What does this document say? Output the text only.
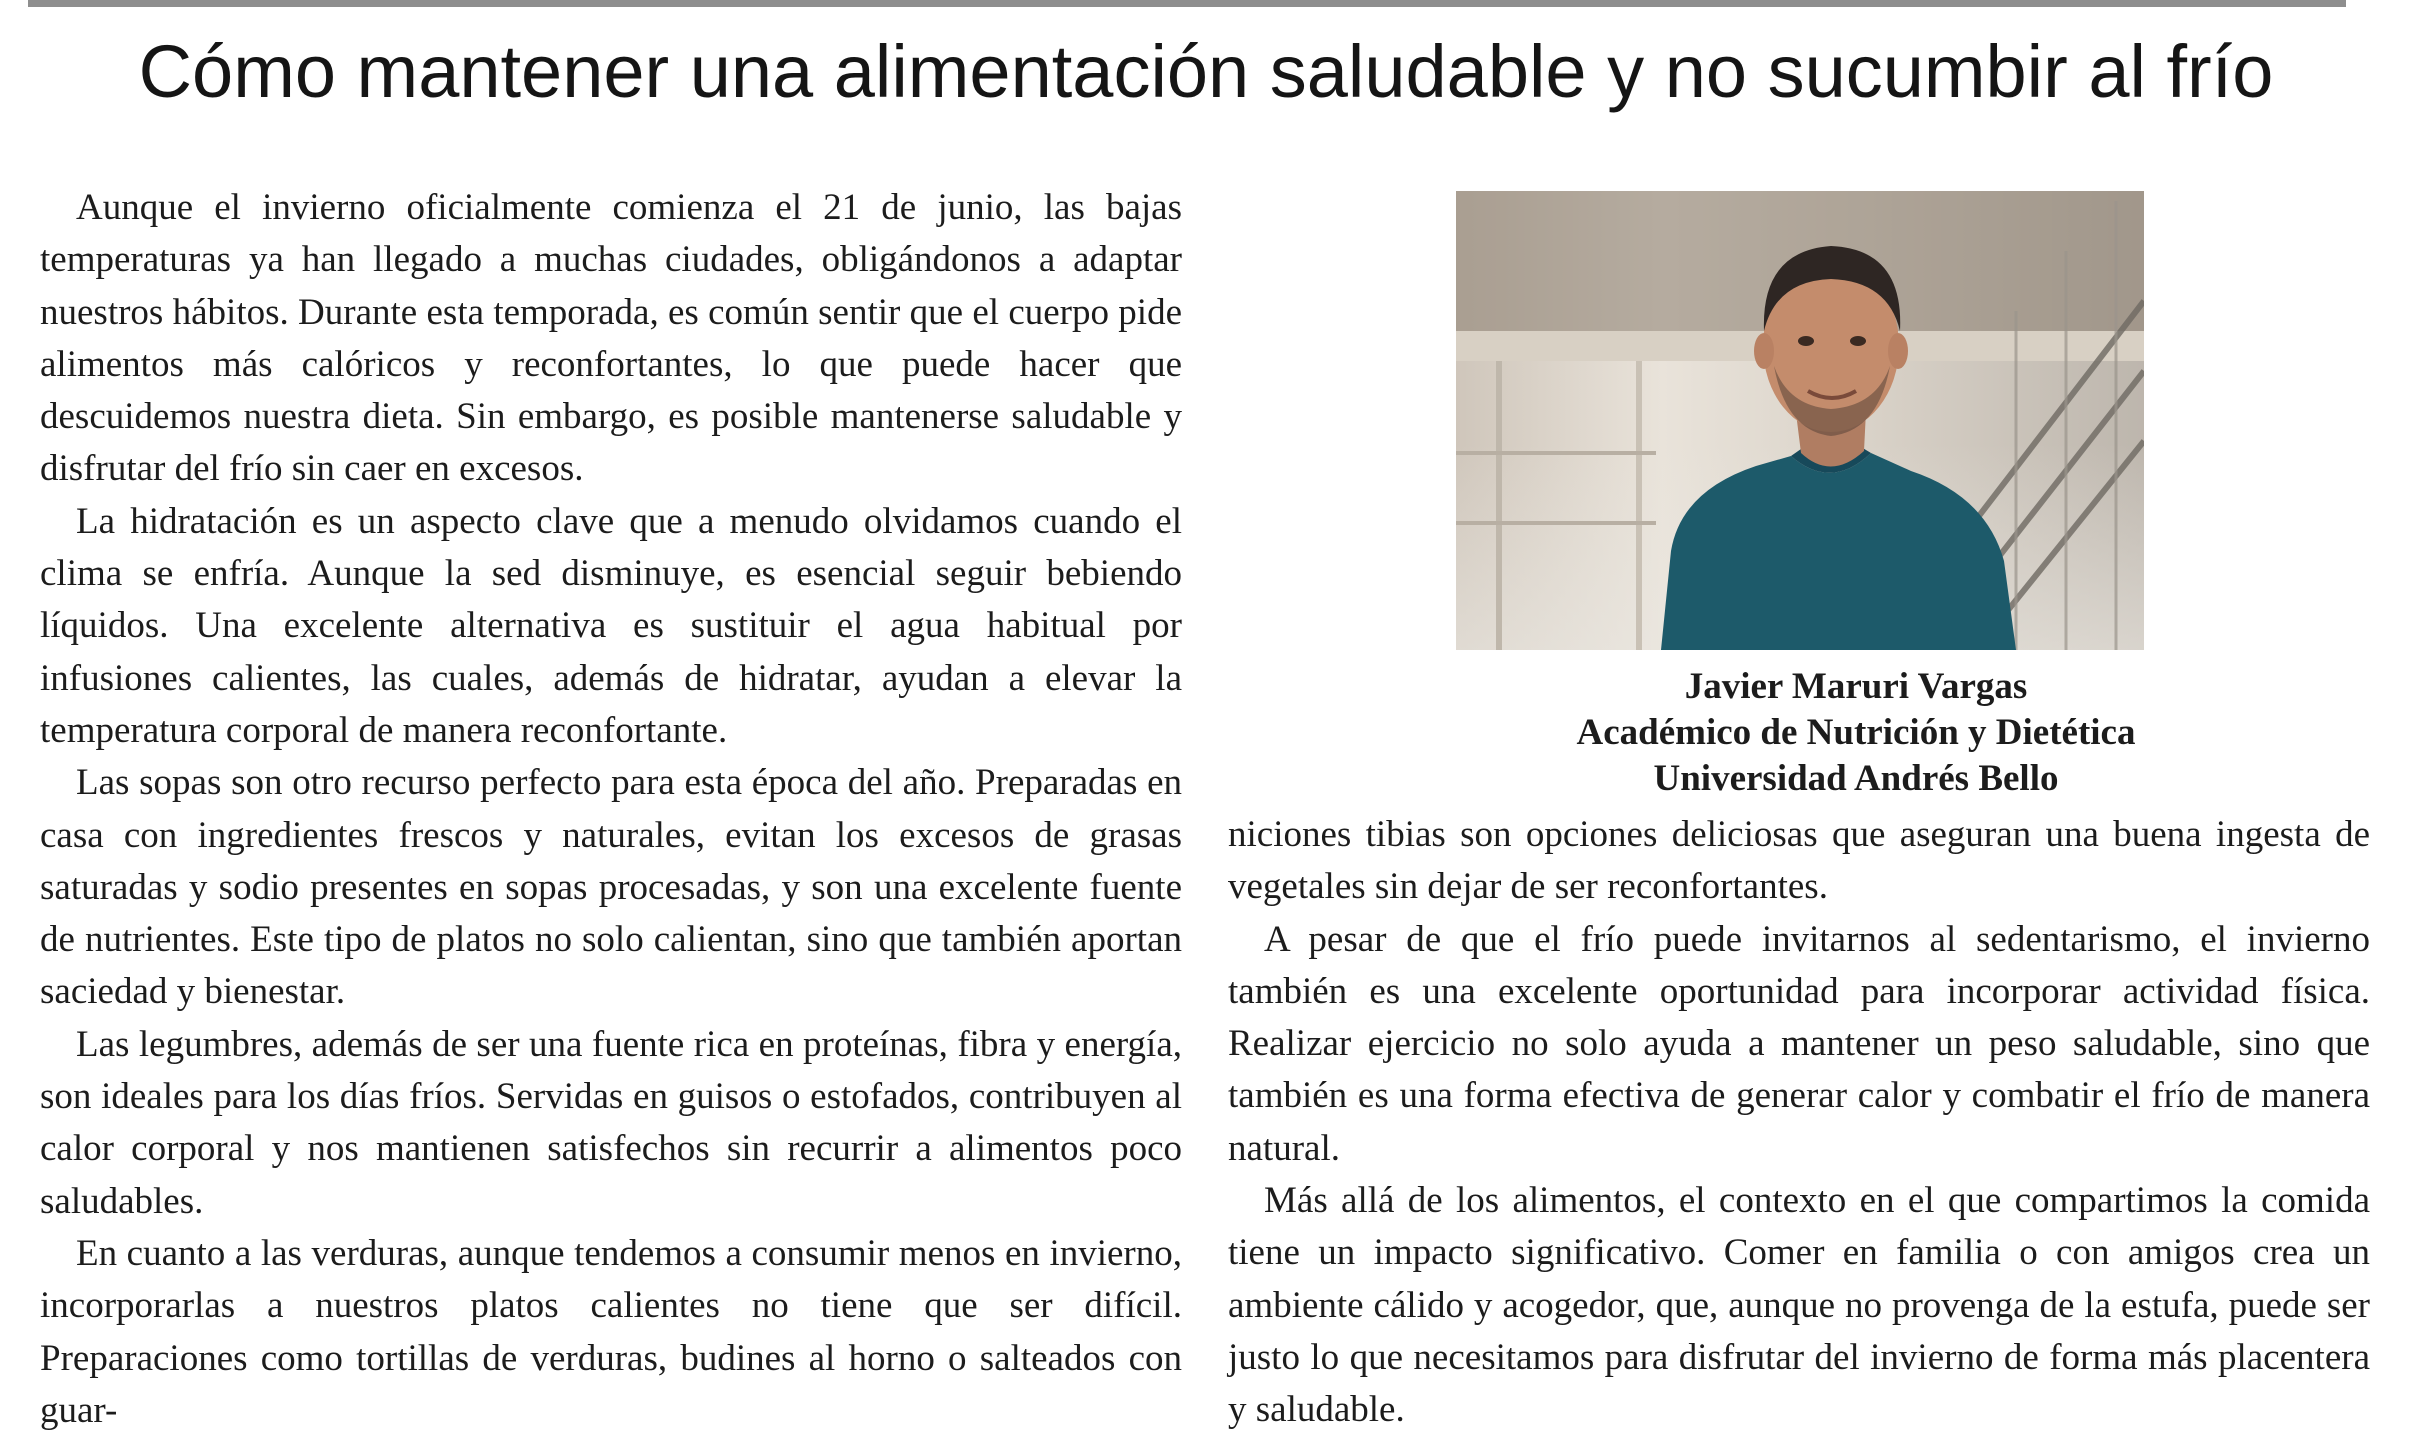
Cómo mantener una alimentación saludable y no sucumbir al frío

Aunque el invierno oficialmente comienza el 21 de junio, las bajas temperaturas ya han llegado a muchas ciudades, obligándonos a adaptar nuestros hábitos. Durante esta temporada, es común sentir que el cuerpo pide alimentos más calóricos y reconfortantes, lo que puede hacer que descuidemos nuestra dieta. Sin embargo, es posible mantenerse saludable y disfrutar del frío sin caer en excesos.

La hidratación es un aspecto clave que a menudo olvidamos cuando el clima se enfría. Aunque la sed disminuye, es esencial seguir bebiendo líquidos. Una excelente alternativa es sustituir el agua habitual por infusiones calientes, las cuales, además de hidratar, ayudan a elevar la temperatura corporal de manera reconfortante.

Las sopas son otro recurso perfecto para esta época del año. Preparadas en casa con ingredientes frescos y naturales, evitan los excesos de grasas saturadas y sodio presentes en sopas procesadas, y son una excelente fuente de nutrientes. Este tipo de platos no solo calientan, sino que también aportan saciedad y bienestar.

Las legumbres, además de ser una fuente rica en proteínas, fibra y energía, son ideales para los días fríos. Servidas en guisos o estofados, contribuyen al calor corporal y nos mantienen satisfechos sin recurrir a alimentos poco saludables.

En cuanto a las verduras, aunque tendemos a consumir menos en invierno, incorporarlas a nuestros platos calientes no tiene que ser difícil. Preparaciones como tortillas de verduras, budines al horno o salteados con guar-

Javier Maruri Vargas
Académico de Nutrición y Dietética
Universidad Andrés Bello

niciones tibias son opciones deliciosas que aseguran una buena ingesta de vegetales sin dejar de ser reconfortantes.

A pesar de que el frío puede invitarnos al sedentarismo, el invierno también es una excelente oportunidad para incorporar actividad física. Realizar ejercicio no solo ayuda a mantener un peso saludable, sino que también es una forma efectiva de generar calor y combatir el frío de manera natural.

Más allá de los alimentos, el contexto en el que compartimos la comida tiene un impacto significativo. Comer en familia o con amigos crea un ambiente cálido y acogedor, que, aunque no provenga de la estufa, puede ser justo lo que necesitamos para disfrutar del invierno de forma más placentera y saludable.
